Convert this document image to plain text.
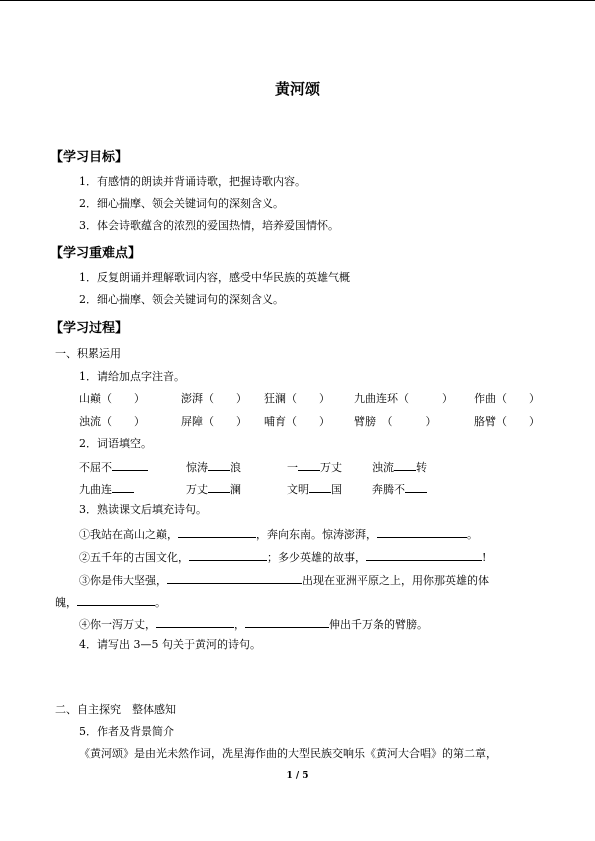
黄河颂
【学习目标】
1．有感情的朗读并背诵诗歌，把握诗歌内容。
2．细心揣摩、领会关键词句的深刻含义。
3．体会诗歌蕴含的浓烈的爱国热情，培养爱国情怀。
【学习重难点】
1．反复朗诵并理解歌词内容，感受中华民族的英雄气概
2．细心揣摩、领会关键词句的深刻含义。
【学习过程】
一、积累运用
1．请给加点字注音。
山巅（　　）	澎湃（　　） 狂澜（　　） 九曲连环（　　　） 作曲（　　）
浊流（　　）	屏障（　　） 哺育（　　） 臂膀　（　　　）	胳臂（　　）
2．词语填空。
不屈不	惊涛 浪	一 万丈	浊流 转
九曲连	万丈 澜	文明 国	奔腾不
3．熟读课文后填充诗句。
①我站在高山之巅，	，奔向东南。惊涛澎湃，	。
②五千年的古国文化，	；多少英雄的故事，	!
③你是伟大坚强，	出现在亚洲平原之上，用你那英雄的体
魄，	。
④你一泻万丈，	，	伸出千万条的臂膀。
4．请写出 3—5 句关于黄河的诗句。
二、自主探究　整体感知
5．作者及背景简介
《黄河颂》是由光未然作词，冼星海作曲的大型民族交响乐《黄河大合唱》的第二章，
1 / 5
